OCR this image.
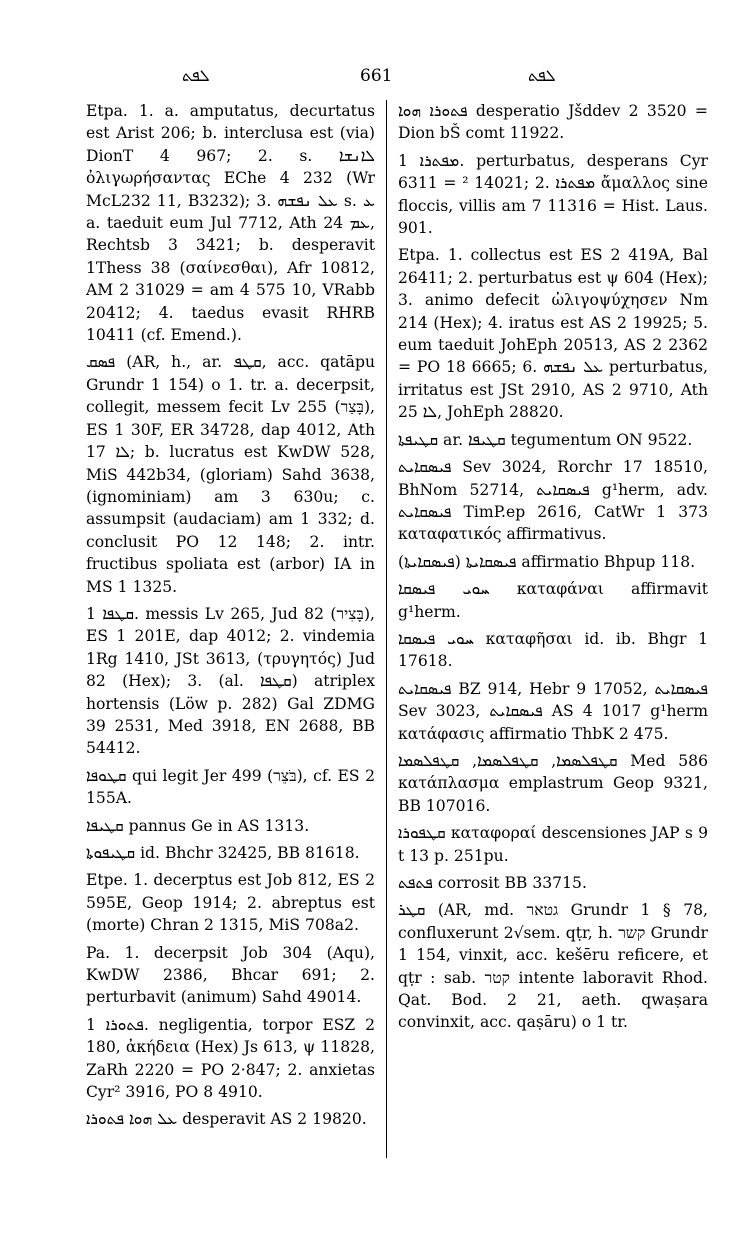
ܠܦܬ	661	ܠܦܬ

Etpa. 1. a. amputatus, decurtatus est Arist 206; b. interclusa est (via) DionT 4 967; 2. s. ܠܐܢܫܐ ὀλιγωρήσαντας EChe 4 232 (Wr McL232 11, B3232); 3. ܥܠ ܢܦܫܗ s. ܥ a. taeduit eum Jul 7712, Ath ܥܡ 24, Rechtsb 3 3421; b. desperavit 1Thess 38 (σαίνεσθαι), Afr 10812, AM 2 31029 = am 4 575 10, VRabb 20412; 4. taedus evasit RHRB 10411 (cf. Emend.).

ܦܣܩ (AR, h., ar. ܩܛܦ, acc. qatāpu Grundr 1 154) o 1. tr. a. decerpsit, collegit, messem fecit Lv 255 (בָּצַר), ES 1 30F, ER 34728, dap 4012, Ath ܠܐ 17; b. lucratus est KwDW 528, MiS 442b34, (gloriam) Sahd 3638, (ignominiam) am 3 630u; c. assumpsit (audaciam) am 1 332; d. conclusit PO 12 148; 2. intr. fructibus spoliata est (arbor) IA in MS 1 1325.

ܩܛܦܐ 1. messis Lv 265, Jud 82 (בָּצִיר), ES 1 201E, dap 4012; 2. vindemia 1Rg 1410, JSt 3613, (τρυγητός) Jud 82 (Hex); 3. (al. ܩܛܦܐ) atriplex hortensis (Löw p. 282) Gal ZDMG 39 2531, Med 3918, EN 2688, BB 54412.

ܩܛܘܦܐ qui legit Jer 499 (בֹּצֵר), cf. ES 2 155A.

ܩܛܝܦܐ pannus Ge in AS 1313.

ܩܛܝܦܘܬܐ id. Bhchr 32425, BB 81618.

Etpe. 1. decerptus est Job 812, ES 2 595E, Geop 1914; 2. abreptus est (morte) Chran 2 1315, MiS 708a2.

Pa. 1. decerpsit Job 304 (Aqu), KwDW 2386, Bhcar 691; 2. perturbavit (animum) Sahd 49014.

ܦܬܘܪܐ 1. negligentia, torpor ESZ 2 180, ἀκήδεια (Hex) Js 613, ψ 11828, ZaRh 2220 = PO 2·847; 2. anxietas Cyr² 3916, PO 8 4910.

ܥܠ ܗܘܐ ܦܬܘܪܐ desperavit AS 2 19820.

ܦܬܘܪܐ ܗܘܐ desperatio Jšddev 2 3520 = Dion bŠ comt 11922.

ܡܦܬܪܐ 1. perturbatus, desperans Cyr 6311 = ² 14021; 2. ܡܦܬܪܐ ἄμαλλος sine floccis, villis am 7 11316 = Hist. Laus. 901.

Etpa. 1. collectus est ES 2 419A, Bal 26411; 2. perturbatus est ψ 604 (Hex); 3. animo defecit ὠλιγοψύχησεν Nm 214 (Hex); 4. iratus est AS 2 19925; 5. eum taeduit JohEph 20513, AS 2 2362 = PO 18 6665; 6. ܥܠ ܢܦܫܗ perturbatus, irritatus est JSt 2910, AS 2 9710, Ath ܠܐ 25, JohEph 28820.

ܩܛܝܦܬܐ ar. ܩܛܝܦܐ tegumentum ON 9522.

ܦܝܣܩܐܝܬ Sev 3024, Rorchr 17 18510, BhNom 52714, ܦܝܣܩܐܝܬ g¹herm, adv. ܦܝܣܩܐܝܬ TimP.ep 2616, CatWr 1 373 καταφατικός affirmativus.

ܦܝܣܩܐܝܬܐ (ܦܝܣܩܐܝܬܐ) affirmatio Bhpup 118.

ܚܘܝ ܦܝܣܩܐ καταφάναι affirmavit g¹herm.

ܚܘܝ ܦܝܣܩܐ καταφῆσαι id. ib. Bhgr 1 17618.

ܦܝܣܩܐܝܬ BZ 914, Hebr 9 17052, ܦܝܣܩܐܝܬ Sev 3023, ܦܝܣܩܐܝܬ AS 4 1017 g¹herm κατάφασις affirmatio ThbK 2 475.

ܩܛܦܠܣܡܐ, ܩܛܦܠܣܡܐ, ܩܛܦܠܣܡܐ Med 586 κατάπλασμα emplastrum Geop 9321, BB 107016.

ܩܛܦܘܪܐ καταφοραί descensiones JAP s 9 t 13 p. 251pu.

ܦܬܦܬ corrosit BB 33715.

ܩܛܪ (AR, md. גטאר Grundr 1 § 78, confluxerunt 2√sem. qṭr, h. קשר Grundr 1 154, vinxit, acc. kešēru reficere, et qṭr : sab. קטר intente laboravit Rhod. Qat. Bod. 2 21, aeth. qwaṣara convinxit, acc. qaṣāru) o 1 tr.
